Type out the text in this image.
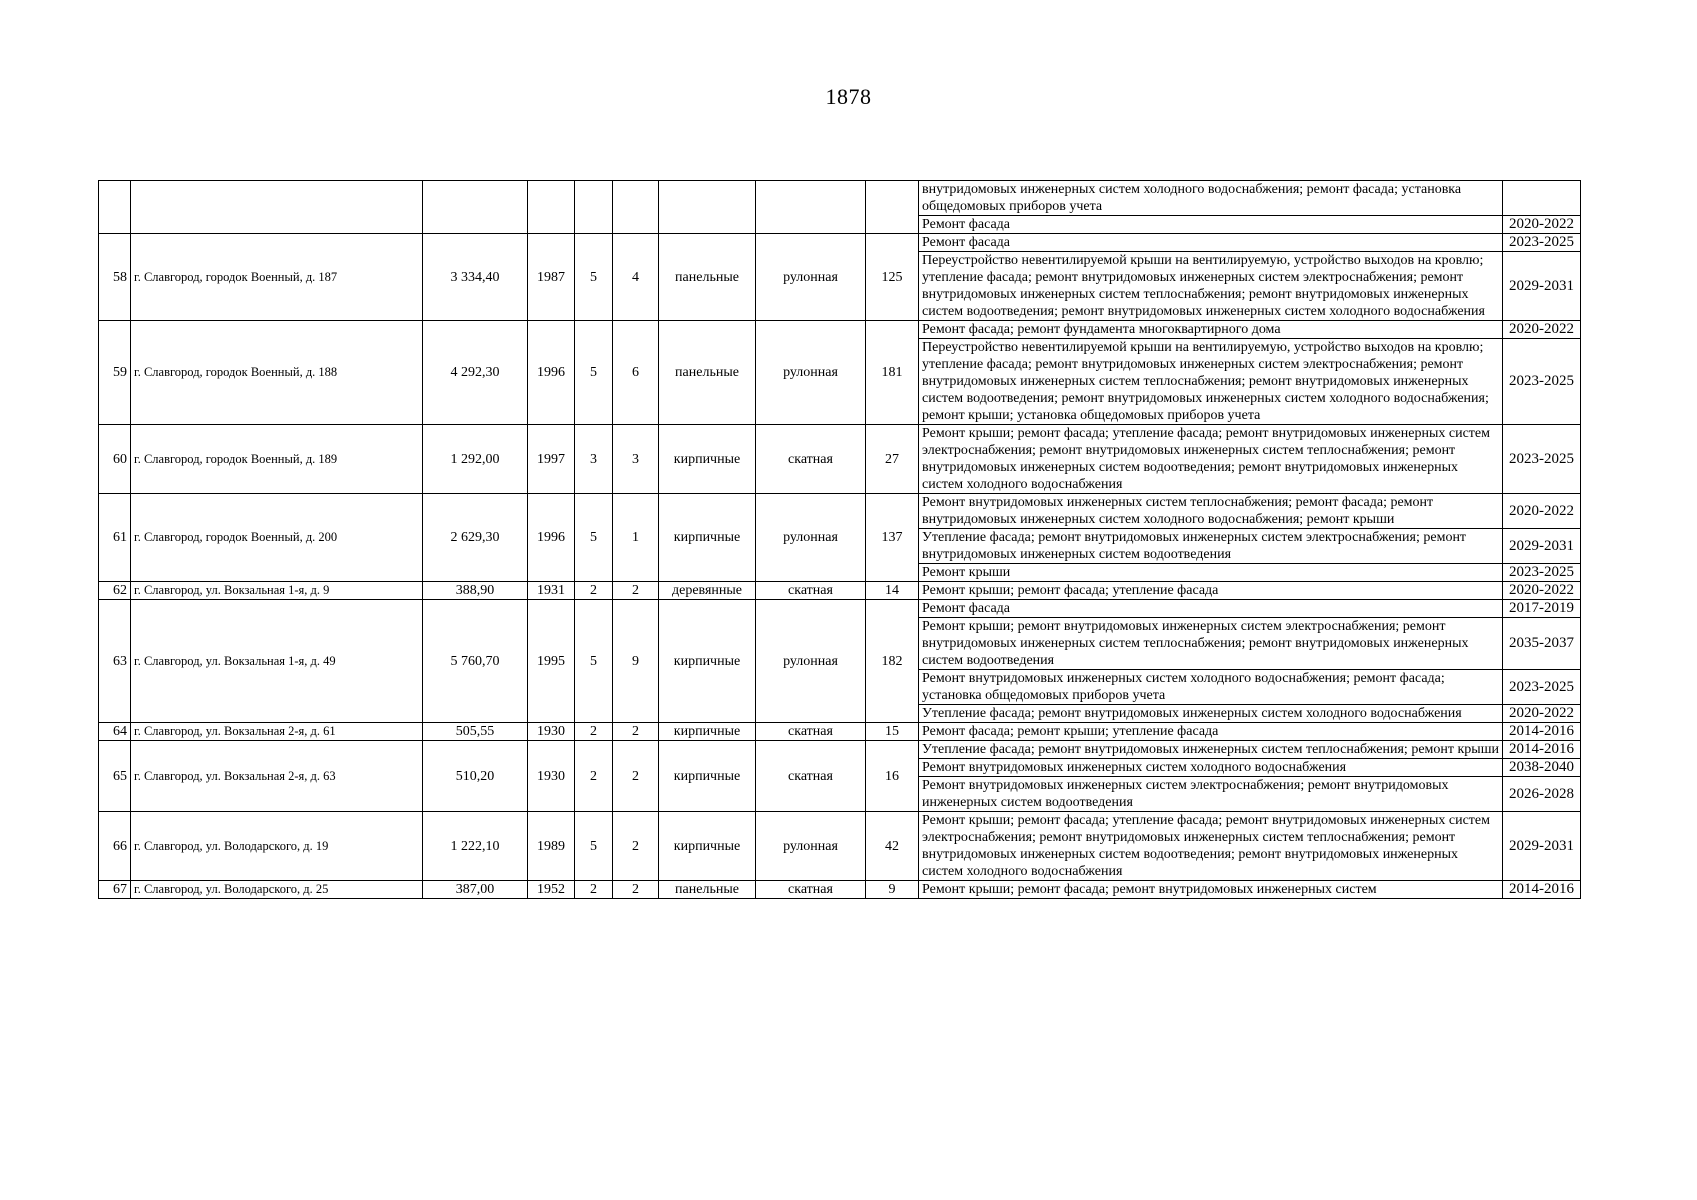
1878
									внутридомовых инженерных систем холодного водоснабжения; ремонт фасада; установка общедомовых приборов учета	
									Ремонт фасада	2020-2022
58	г. Славгород, городок Военный, д. 187	3 334,40	1987	5	4	панельные	рулонная	125	Ремонт фасада	2023-2025
									Переустройство невентилируемой крыши на вентилируемую, устройство выходов на кровлю; утепление фасада; ремонт внутридомовых инженерных систем электроснабжения; ремонт внутридомовых инженерных систем теплоснабжения; ремонт внутридомовых инженерных систем водоотведения; ремонт внутридомовых инженерных систем холодного водоснабжения	2029-2031
59	г. Славгород, городок Военный, д. 188	4 292,30	1996	5	6	панельные	рулонная	181	Ремонт фасада; ремонт фундамента многоквартирного дома	2020-2022
									Переустройство невентилируемой крыши на вентилируемую, устройство выходов на кровлю; утепление фасада; ремонт внутридомовых инженерных систем электроснабжения; ремонт внутридомовых инженерных систем теплоснабжения; ремонт внутридомовых инженерных систем водоотведения; ремонт внутридомовых инженерных систем холодного водоснабжения; ремонт крыши; установка общедомовых приборов учета	2023-2025
60	г. Славгород, городок Военный, д. 189	1 292,00	1997	3	3	кирпичные	скатная	27	Ремонт крыши; ремонт фасада; утепление фасада; ремонт внутридомовых инженерных систем электроснабжения; ремонт внутридомовых инженерных систем теплоснабжения; ремонт внутридомовых инженерных систем водоотведения; ремонт внутридомовых инженерных систем холодного водоснабжения	2023-2025
61	г. Славгород, городок Военный, д. 200	2 629,30	1996	5	1	кирпичные	рулонная	137	Ремонт внутридомовых инженерных систем теплоснабжения; ремонт фасада; ремонт внутридомовых инженерных систем холодного водоснабжения; ремонт крыши	2020-2022
									Утепление фасада; ремонт внутридомовых инженерных систем электроснабжения; ремонт внутридомовых инженерных систем водоотведения	2029-2031
									Ремонт крыши	2023-2025
62	г. Славгород, ул. Вокзальная 1-я, д. 9	388,90	1931	2	2	деревянные	скатная	14	Ремонт крыши; ремонт фасада; утепление фасада	2020-2022
63	г. Славгород, ул. Вокзальная 1-я, д. 49	5 760,70	1995	5	9	кирпичные	рулонная	182	Ремонт фасада	2017-2019
									Ремонт крыши; ремонт внутридомовых инженерных систем электроснабжения; ремонт внутридомовых инженерных систем теплоснабжения; ремонт внутридомовых инженерных систем водоотведения	2035-2037
									Ремонт внутридомовых инженерных систем холодного водоснабжения; ремонт фасада; установка общедомовых приборов учета	2023-2025
									Утепление фасада; ремонт внутридомовых инженерных систем холодного водоснабжения	2020-2022
64	г. Славгород, ул. Вокзальная 2-я, д. 61	505,55	1930	2	2	кирпичные	скатная	15	Ремонт фасада; ремонт крыши; утепление фасада	2014-2016
65	г. Славгород, ул. Вокзальная 2-я, д. 63	510,20	1930	2	2	кирпичные	скатная	16	Утепление фасада; ремонт внутридомовых инженерных систем теплоснабжения; ремонт крыши	2014-2016
									Ремонт внутридомовых инженерных систем холодного водоснабжения	2038-2040
									Ремонт внутридомовых инженерных систем электроснабжения; ремонт внутридомовых инженерных систем водоотведения	2026-2028
66	г. Славгород, ул. Володарского, д. 19	1 222,10	1989	5	2	кирпичные	рулонная	42	Ремонт крыши; ремонт фасада; утепление фасада; ремонт внутридомовых инженерных систем электроснабжения; ремонт внутридомовых инженерных систем теплоснабжения; ремонт внутридомовых инженерных систем водоотведения; ремонт внутридомовых инженерных систем холодного водоснабжения	2029-2031
67	г. Славгород, ул. Володарского, д. 25	387,00	1952	2	2	панельные	скатная	9	Ремонт крыши; ремонт фасада; ремонт внутридомовых инженерных систем	2014-2016
